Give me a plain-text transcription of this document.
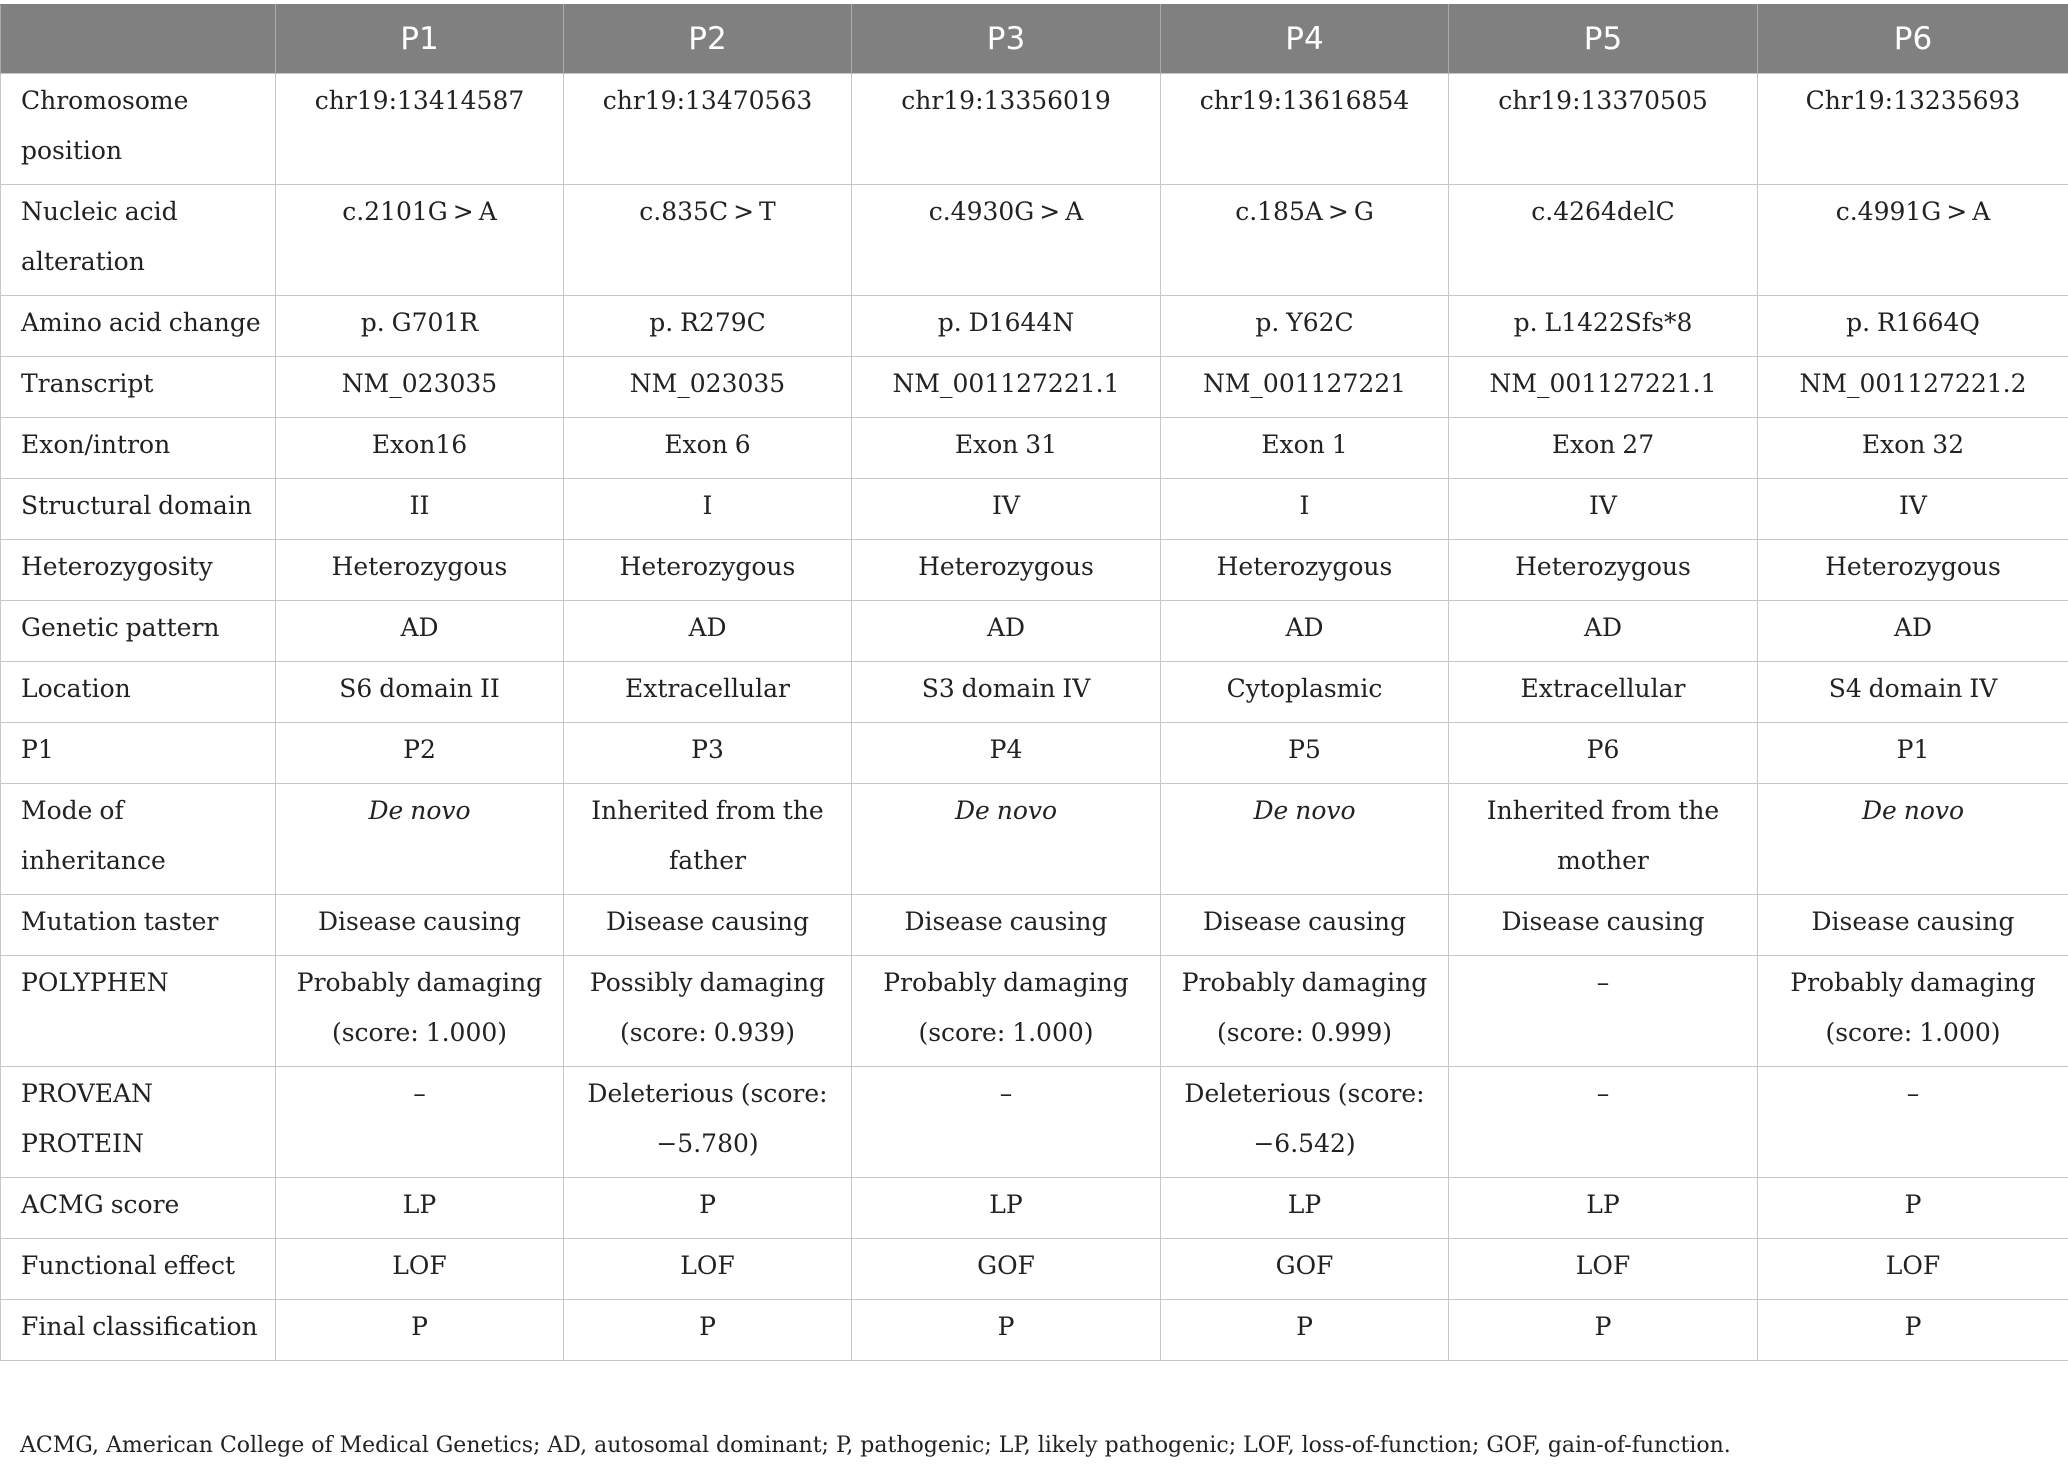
	P1	P2	P3	P4	P5	P6
Chromosome position	chr19:13414587	chr19:13470563	chr19:13356019	chr19:13616854	chr19:13370505	Chr19:13235693
Nucleic acid alteration	c.2101G > A	c.835C > T	c.4930G > A	c.185A > G	c.4264delC	c.4991G > A
Amino acid change	p. G701R	p. R279C	p. D1644N	p. Y62C	p. L1422Sfs*8	p. R1664Q
Transcript	NM_023035	NM_023035	NM_001127221.1	NM_001127221	NM_001127221.1	NM_001127221.2
Exon/intron	Exon16	Exon 6	Exon 31	Exon 1	Exon 27	Exon 32
Structural domain	II	I	IV	I	IV	IV
Heterozygosity	Heterozygous	Heterozygous	Heterozygous	Heterozygous	Heterozygous	Heterozygous
Genetic pattern	AD	AD	AD	AD	AD	AD
Location	S6 domain II	Extracellular	S3 domain IV	Cytoplasmic	Extracellular	S4 domain IV
P1	P2	P3	P4	P5	P6	P1
Mode of inheritance	De novo	Inherited from the father	De novo	De novo	Inherited from the mother	De novo
Mutation taster	Disease causing	Disease causing	Disease causing	Disease causing	Disease causing	Disease causing
POLYPHEN	Probably damaging (score: 1.000)	Possibly damaging (score: 0.939)	Probably damaging (score: 1.000)	Probably damaging (score: 0.999)	–	Probably damaging (score: 1.000)
PROVEAN PROTEIN	–	Deleterious (score: −5.780)	–	Deleterious (score: −6.542)	–	–
ACMG score	LP	P	LP	LP	LP	P
Functional effect	LOF	LOF	GOF	GOF	LOF	LOF
Final classification	P	P	P	P	P	P

ACMG, American College of Medical Genetics; AD, autosomal dominant; P, pathogenic; LP, likely pathogenic; LOF, loss-of-function; GOF, gain-of-function.
